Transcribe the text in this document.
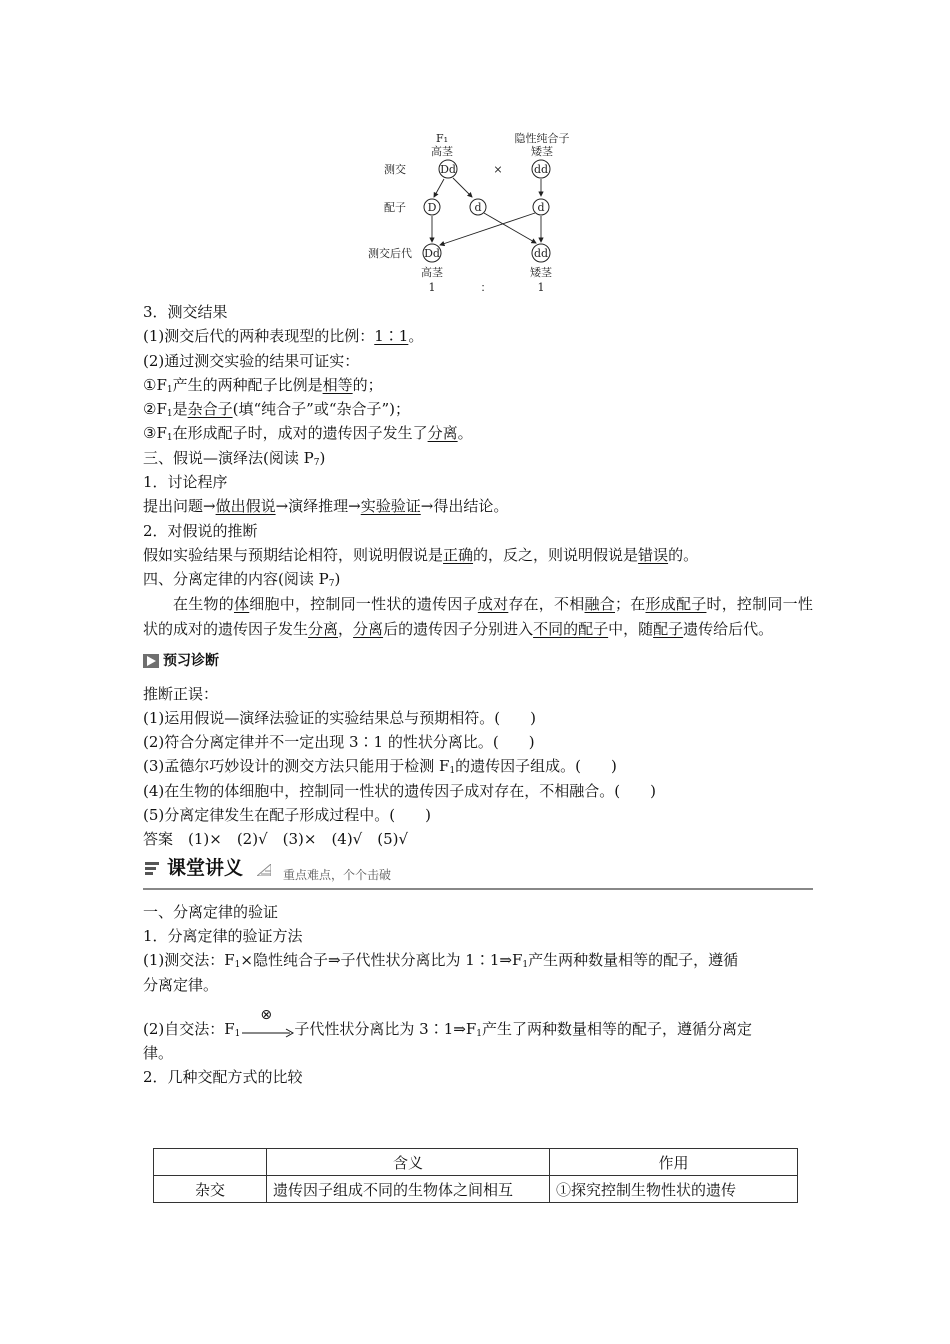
F₁
高茎
隐性纯合子
矮茎
测交	Dd	×	dd
配子 D	d	d
测交后代 Dd	dd
高茎	矮茎
1	：	1
3．测交结果
(1)测交后代的两种表现型的比例：1∶1。
(2)通过测交实验的结果可证实：
$①F_1$产生的两种配子比例是相等的；
$②F_1$是杂合子(填“纯合子”或“杂合子”)；
$③F_1$在形成配子时，成对的遗传因子发生了分离。
三、假说—演绎法(阅读 $P_7$)
1．讨论程序
提出问题→做出假说→演绎推理→实验验证→得出结论。
2．对假说的推断
假如实验结果与预期结论相符，则说明假说是正确的，反之，则说明假说是错误的。
四、分离定律的内容(阅读 $P_7$)
在生物的体细胞中，控制同一性状的遗传因子成对存在，不相融合；在形成配子时，控制同一性状的成对的遗传因子发生分离，分离后的遗传因子分别进入不同的配子中，随配子遗传给后代。
预习诊断
推断正误：
(1)运用假说—演绎法验证的实验结果总与预期相符。(　　)
(2)符合分离定律并不一定出现 3∶1 的性状分离比。(　　)
(3)孟德尔巧妙设计的测交方法只能用于检测 $F_1$的遗传因子组成。(　　)
(4)在生物的体细胞中，控制同一性状的遗传因子成对存在，不相融合。(　　)
(5)分离定律发生在配子形成过程中。(　　)
答案　(1)×　(2)√　(3)×　(4)√　(5)√
课堂讲义	重点难点，个个击破
一、分离定律的验证
1．分离定律的验证方法
(1)测交法：$F_1\times$隐性纯合子⇒子代性状分离比为 $1∶1\Rightarrow F_1$产生两种数量相等的配子，遵循
分离定律。
(2)自交法：$F_1$
⊗
子代性状分离比为 $3∶1\Rightarrow F_1$产生了两种数量相等的配子，遵循分离定
律。
2．几种交配方式的比较
	含义	作用
杂交	遗传因子组成不同的生物体之间相互	①探究控制生物性状的遗传
